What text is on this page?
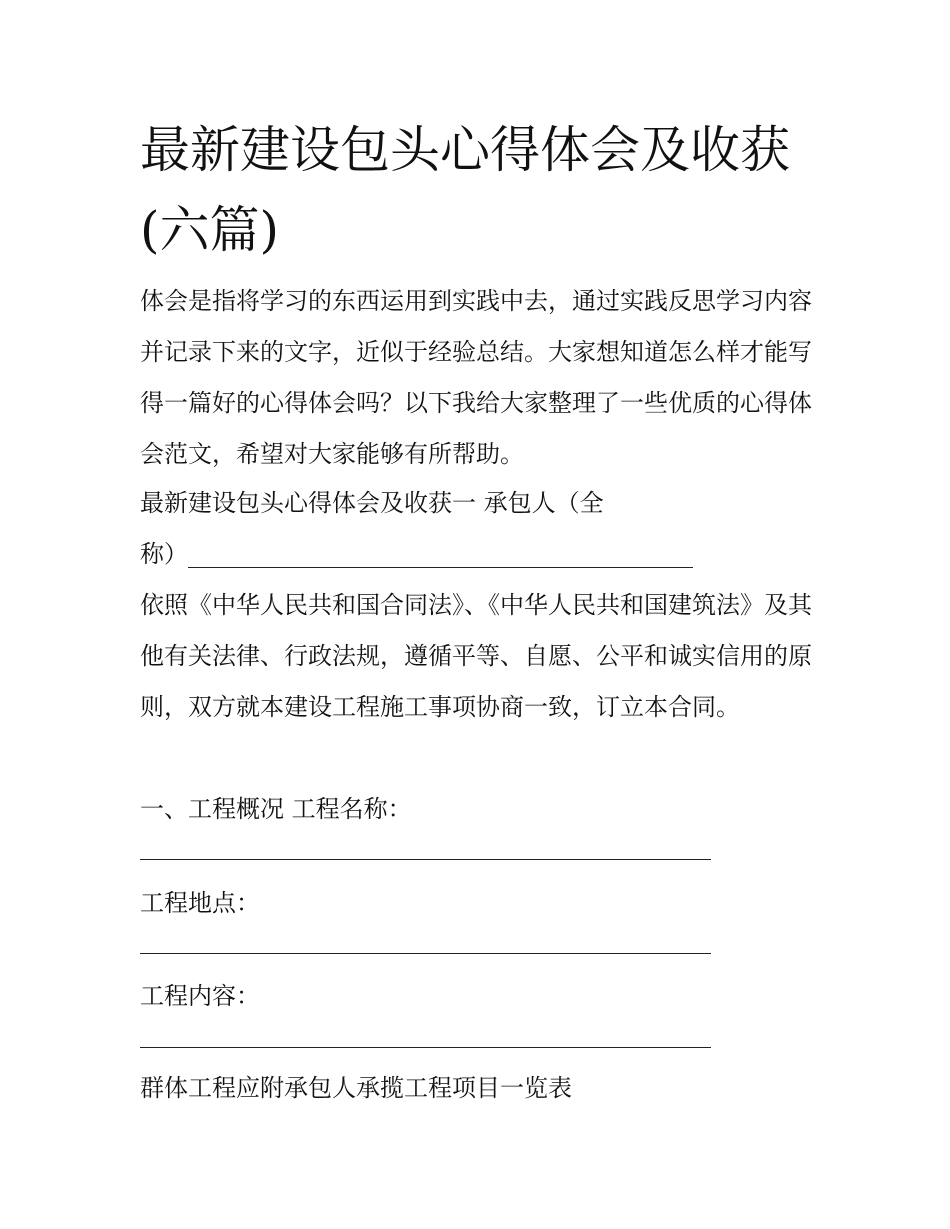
最新建设包头心得体会及收获(六篇)

体会是指将学习的东西运用到实践中去，通过实践反思学习内容并记录下来的文字，近似于经验总结。大家想知道怎么样才能写得一篇好的心得体会吗？以下我给大家整理了一些优质的心得体会范文，希望对大家能够有所帮助。

最新建设包头心得体会及收获一 承包人（全

称）

依照《中华人民共和国合同法》、《中华人民共和国建筑法》及其他有关法律、行政法规，遵循平等、自愿、公平和诚实信用的原则，双方就本建设工程施工事项协商一致，订立本合同。

一、工程概况 工程名称：

工程地点：

工程内容：

群体工程应附承包人承揽工程项目一览表
